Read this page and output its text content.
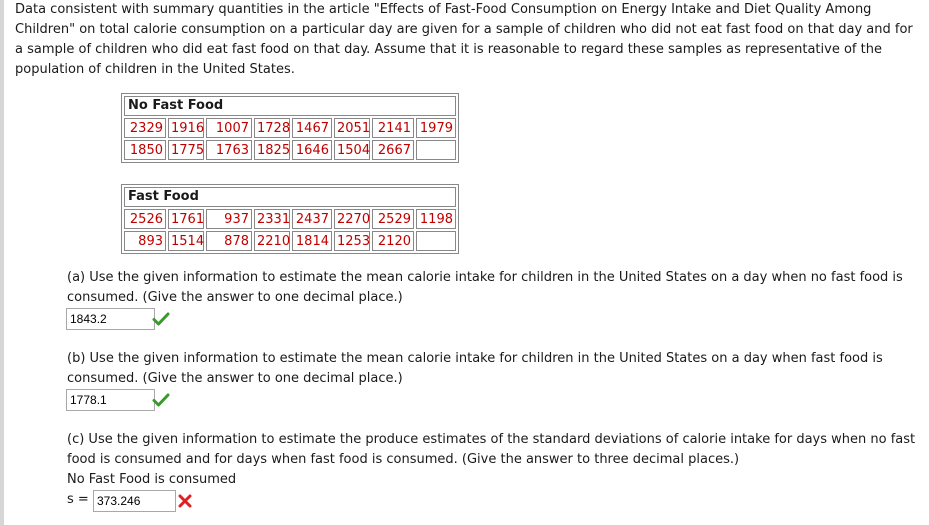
Data consistent with summary quantities in the article "Effects of Fast-Food Consumption on Energy Intake and Diet Quality Among Children" on total calorie consumption on a particular day are given for a sample of children who did not eat fast food on that day and for a sample of children who did eat fast food on that day. Assume that it is reasonable to regard these samples as representative of the population of children in the United States.
No Fast Food
2329 1916 1007 1728 1467 2051 2141 1979
1850 1775 1763 1825 1646 1504 2667
Fast Food
2526 1761	937 2331 2437 2270 2529 1198
893 1514	878 2210 1814 1253 2120
(a) Use the given information to estimate the mean calorie intake for children in the United States on a day when no fast food is consumed. (Give the answer to one decimal place.)
1843.2
(b) Use the given information to estimate the mean calorie intake for children in the United States on a day when fast food is consumed. (Give the answer to one decimal place.)
1778.1
(c) Use the given information to estimate the produce estimates of the standard deviations of calorie intake for days when no fast food is consumed and for days when fast food is consumed. (Give the answer to three decimal places.)
No Fast Food is consumed
s =
373.246
